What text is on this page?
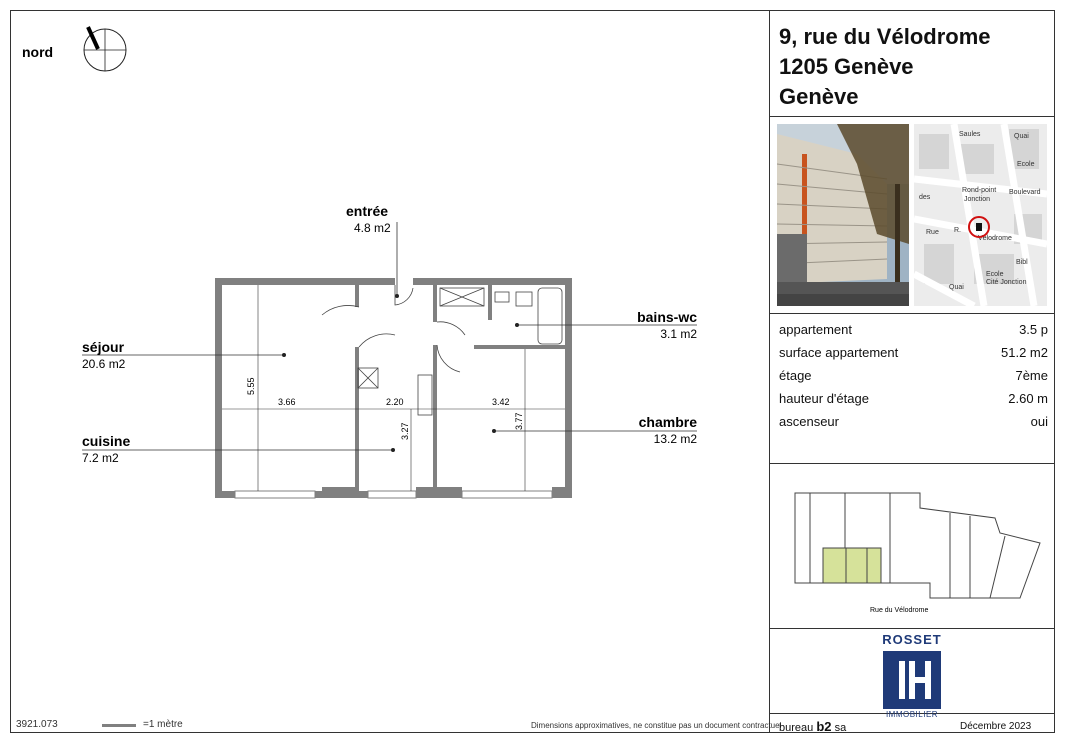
nord
3.66	2.20	3.42
5.55
3.27
3.77
entrée
4.8 m2
séjour
20.6 m2
cuisine
7.2 m2
bains-wc
3.1 m2
chambre
13.2 m2
9, rue du Vélodrome
1205 Genève
Genève
Saules	Quai
Ecole
Boulevard
Rond-point
Jonction
Vélodrome
Bibl
Ecole
Cité Jonction
Quai
Rue
des
R.
appartement	3.5 p
surface appartement	51.2 m2
étage	7ème
hauteur d'étage	2.60 m
ascenseur	oui
Rue du Vélodrome
ROSSET
IMMOBILIER
3921.073	=1 mètre	Dimensions approximatives, ne constitue pas un document contractuel
bureau b2 sa	Décembre 2023
